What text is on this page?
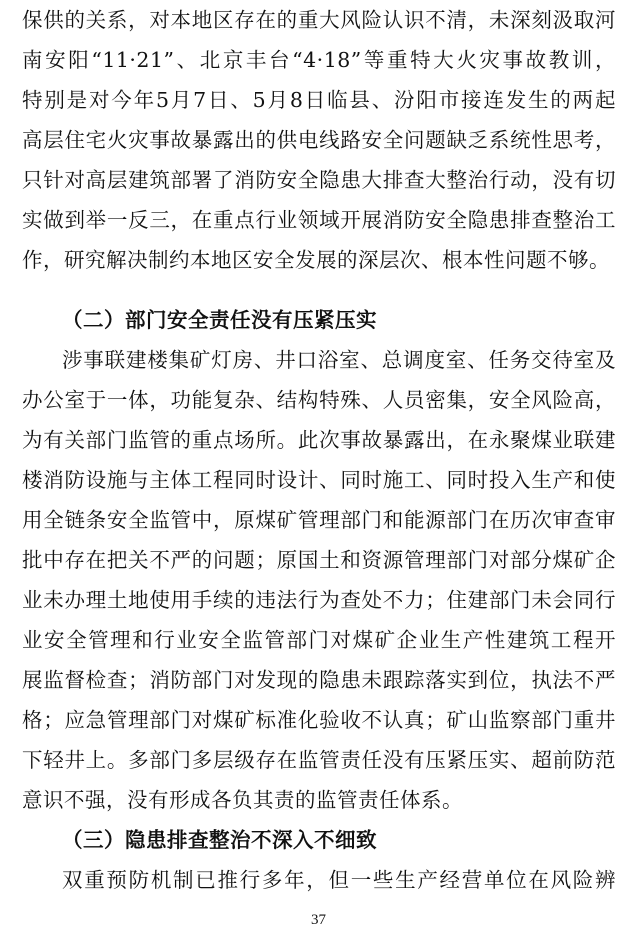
保供的关系，对本地区存在的重大风险认识不清，未深刻汲取河
南安阳“11·21”、北京丰台“4·18”等重特大火灾事故教训，
特别是对今年5月7日、5月8日临县、汾阳市接连发生的两起
高层住宅火灾事故暴露出的供电线路安全问题缺乏系统性思考，
只针对高层建筑部署了消防安全隐患大排查大整治行动，没有切
实做到举一反三，在重点行业领域开展消防安全隐患排查整治工
作，研究解决制约本地区安全发展的深层次、根本性问题不够。
（二）部门安全责任没有压紧压实
涉事联建楼集矿灯房、井口浴室、总调度室、任务交待室及
办公室于一体，功能复杂、结构特殊、人员密集，安全风险高，
为有关部门监管的重点场所。此次事故暴露出，在永聚煤业联建
楼消防设施与主体工程同时设计、同时施工、同时投入生产和使
用全链条安全监管中，原煤矿管理部门和能源部门在历次审查审
批中存在把关不严的问题；原国土和资源管理部门对部分煤矿企
业未办理土地使用手续的违法行为查处不力；住建部门未会同行
业安全管理和行业安全监管部门对煤矿企业生产性建筑工程开
展监督检查；消防部门对发现的隐患未跟踪落实到位，执法不严
格；应急管理部门对煤矿标准化验收不认真；矿山监察部门重井
下轻井上。多部门多层级存在监管责任没有压紧压实、超前防范
意识不强，没有形成各负其责的监管责任体系。
（三）隐患排查整治不深入不细致
双重预防机制已推行多年，但一些生产经营单位在风险辨
37
